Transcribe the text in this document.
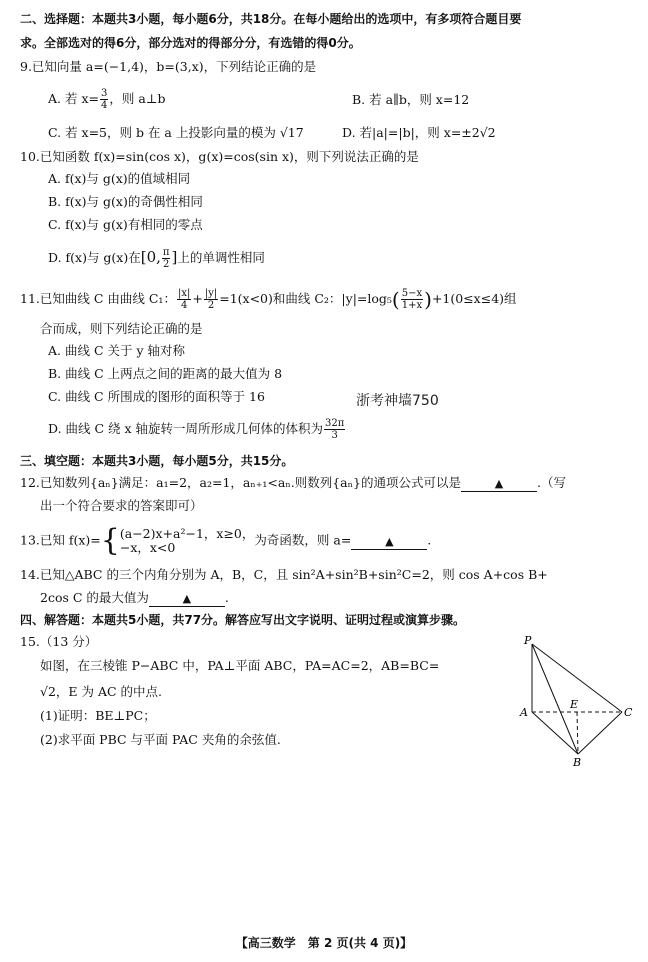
二、选择题：本题共3小题，每小题6分，共18分。在每小题给出的选项中，有多项符合题目要
求。全部选对的得6分，部分选对的得部分分，有选错的得0分。
9.已知向量 a=(−1,4)，b=(3,x)，下列结论正确的是
A. 若 $x= \frac{3}{4}$ ，则 a⊥b	B. 若 a∥b，则 x=12
C. 若 x=5，则 b 在 a 上投影向量的模为 √17	D. 若|a|=|b|，则 x=±2√2
10.已知函数 f(x)=sin(cos x)，g(x)=cos(sin x)，则下列说法正确的是
A. f(x)与 g(x)的值域相同
B. f(x)与 g(x)的奇偶性相同
C. f(x)与 g(x)有相同的零点
D. f(x)与 g(x)在[0, $\frac{\pi}{2}$ ]上的单调性相同
11.已知曲线 C 由曲线 C₁： $\frac{|x|}{4} + \frac{|y|}{2} =1(x<0)$和曲线 C₂：$|y|=\log_5( \frac{5-x}{1+x} )+1(0\le x\le 4)$组
合而成，则下列结论正确的是
A. 曲线 C 关于 y 轴对称
B. 曲线 C 上两点之间的距离的最大值为 8
C. 曲线 C 所围成的图形的面积等于 16	浙考神墙750
D. 曲线 C 绕 x 轴旋转一周所形成几何体的体积为 $\frac{32\pi}{3}$
三、填空题：本题共3小题，每小题5分，共15分。
12.已知数列{aₙ}满足：a₁=2，a₂=1，aₙ₊₁<aₙ.则数列{aₙ}的通项公式可以是	▲	.（写
出一个符合要求的答案即可）
13.已知 f(x)={ (a−2)x+a²−1，x≥0，
−x，x<0	为奇函数，则 a=	▲	.
14.已知△ABC 的三个内角分别为 A，B，C，且 sin²A+sin²B+sin²C=2，则 cos A+cos B+
2cos C 的最大值为	▲	.
四、解答题：本题共5小题，共77分。解答应写出文字说明、证明过程或演算步骤。
15.（13 分）
如图，在三棱锥 P−ABC 中，PA⊥平面 ABC，PA=AC=2，AB=BC=
√2，E 为 AC 的中点.
(1)证明：BE⊥PC；
(2)求平面 PBC 与平面 PAC 夹角的余弦值.
P
A
E
C
B
【高三数学　第 2 页(共 4 页)】
